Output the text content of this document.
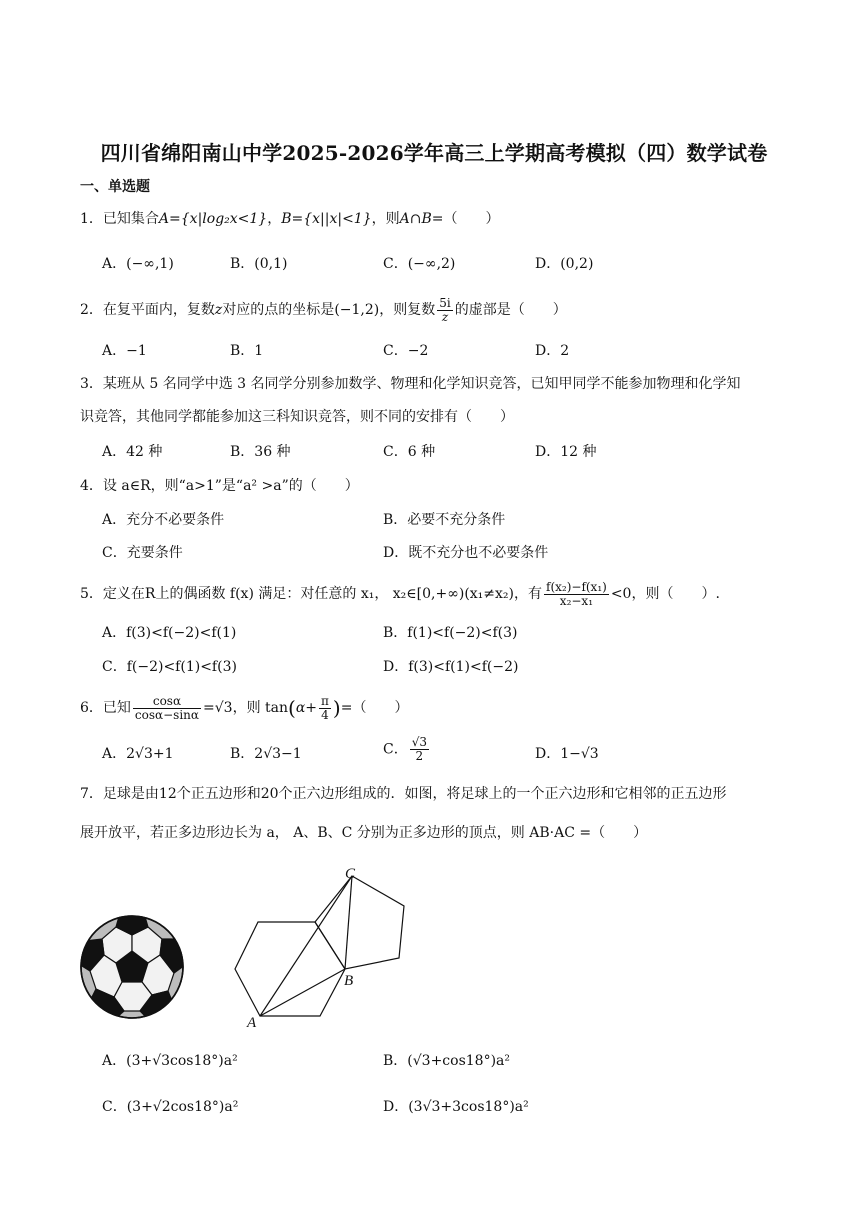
四川省绵阳南山中学2025-2026学年高三上学期高考模拟（四）数学试卷
一、单选题
1．已知集合A={x|log₂x<1}，B={x||x|<1}，则A∩B=（　　）
A．(−∞,1)	B．(0,1)	C．(−∞,2)	D．(0,2)
2．在复平面内，复数z对应的点的坐标是(−1,2)，则复数 $\frac{5i}{z}$ 的虚部是（　　）
A．−1	B．1	C．−2	D．2
3．某班从 5 名同学中选 3 名同学分别参加数学、物理和化学知识竞答，已知甲同学不能参加物理和化学知
识竞答，其他同学都能参加这三科知识竞答，则不同的安排有（　　）
A．42 种	B．36 种	C．6 种	D．12 种
4．设 a∈R，则“a>1”是“a² >a”的（　　）
A．充分不必要条件	B．必要不充分条件
C．充要条件	D．既不充分也不必要条件
5．定义在R上的偶函数 f(x) 满足：对任意的 x₁， x₂∈[0,+∞)(x₁≠x₂)，有 $\frac{\text{f(x₂)−f(x₁)}}{\text{x₂−x₁}} <0$，则（　　）.
A．f(3)<f(−2)<f(1)	B．f(1)<f(−2)<f(3)
C．f(−2)<f(1)<f(3)	D．f(3)<f(1)<f(−2)
6．已知 $\frac{\cos\alpha}{\cos\alpha-\sin\alpha} =√3$，则 $\tan(\alpha+ \frac{\pi}{4}$ )=（　　）
A．2√3+1	B．2√3−1	C． $\frac{√3}{2}$	D．1−√3
7．足球是由12个正五边形和20个正六边形组成的．如图，将足球上的一个正六边形和它相邻的正五边形
展开放平，若正多边形边长为 a， A、B、C 分别为正多边形的顶点，则 AB·AC =（　　）
C
B
A
A．(3+√3cos18°)a²	B．(√3+cos18°)a²
C．(3+√2cos18°)a²	D．(3√3+3cos18°)a²
